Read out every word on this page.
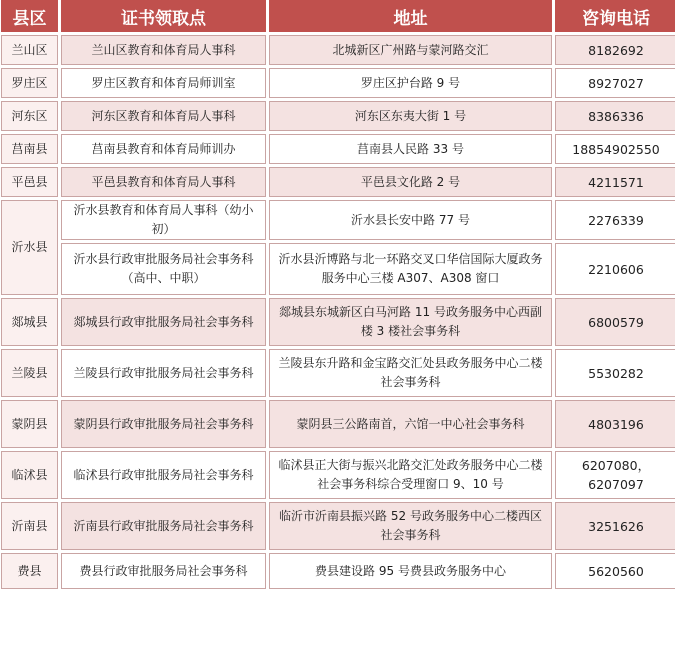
县区	证书领取点	地址	咨询电话
兰山区	兰山区教育和体育局人事科	北城新区广州路与蒙河路交汇	8182692
罗庄区	罗庄区教育和体育局师训室	罗庄区护台路 9 号	8927027
河东区	河东区教育和体育局人事科	河东区东夷大街 1 号	8386336
莒南县	莒南县教育和体育局师训办	莒南县人民路 33 号	18854902550
平邑县	平邑县教育和体育局人事科	平邑县文化路 2 号	4211571
沂水县	沂水县教育和体育局人事科（幼小初）	沂水县长安中路 77 号	2276339
	沂水县行政审批服务局社会事务科（高中、中职）	沂水县沂博路与北一环路交叉口华信国际大厦政务服务中心三楼 A307、A308 窗口	2210606
郯城县	郯城县行政审批服务局社会事务科	郯城县东城新区白马河路 11 号政务服务中心西副楼 3 楼社会事务科	6800579
兰陵县	兰陵县行政审批服务局社会事务科	兰陵县东升路和金宝路交汇处县政务服务中心二楼社会事务科	5530282
蒙阴县	蒙阴县行政审批服务局社会事务科	蒙阴县三公路南首，六馆一中心社会事务科	4803196
临沭县	临沭县行政审批服务局社会事务科	临沭县正大街与振兴北路交汇处政务服务中心二楼社会事务科综合受理窗口 9、10 号	6207080，6207097
沂南县	沂南县行政审批服务局社会事务科	临沂市沂南县振兴路 52 号政务服务中心二楼西区社会事务科	3251626
费县	费县行政审批服务局社会事务科	费县建设路 95 号费县政务服务中心	5620560
